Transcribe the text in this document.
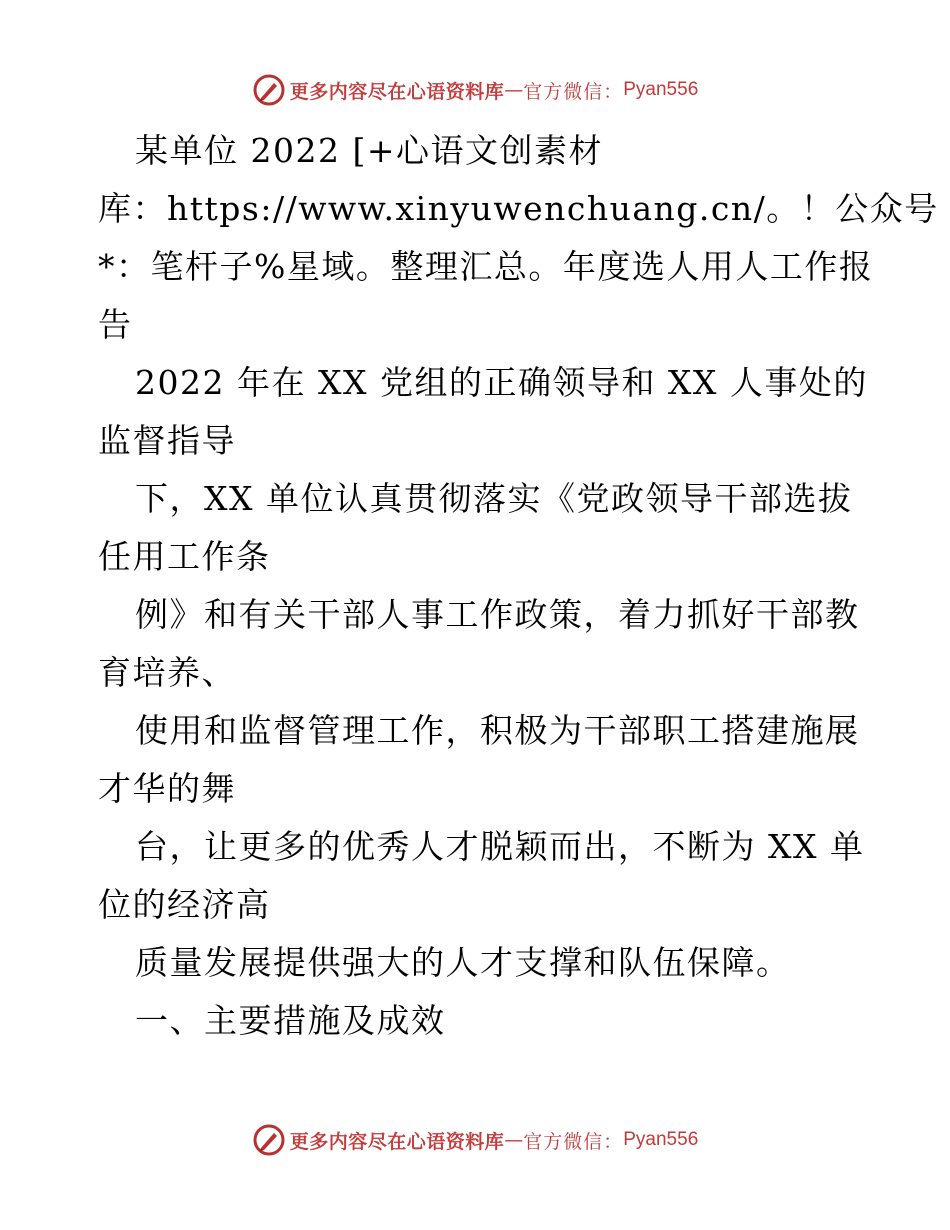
更多内容尽在心语资料库 — 官方微信： Pyan556

某单位 2022 [+心语文创素材

库：https://www.xinyuwenchuang.cn/。！公众号
*：笔杆子%星域。整理汇总。年度选人用人工作报
告

2022 年在 XX 党组的正确领导和 XX 人事处的
监督指导

下，XX 单位认真贯彻落实《党政领导干部选拔
任用工作条

例》和有关干部人事工作政策，着力抓好干部教
育培养、

使用和监督管理工作，积极为干部职工搭建施展
才华的舞

台，让更多的优秀人才脱颖而出，不断为 XX 单
位的经济高

质量发展提供强大的人才支撑和队伍保障。

一、主要措施及成效

更多内容尽在心语资料库 — 官方微信： Pyan556
